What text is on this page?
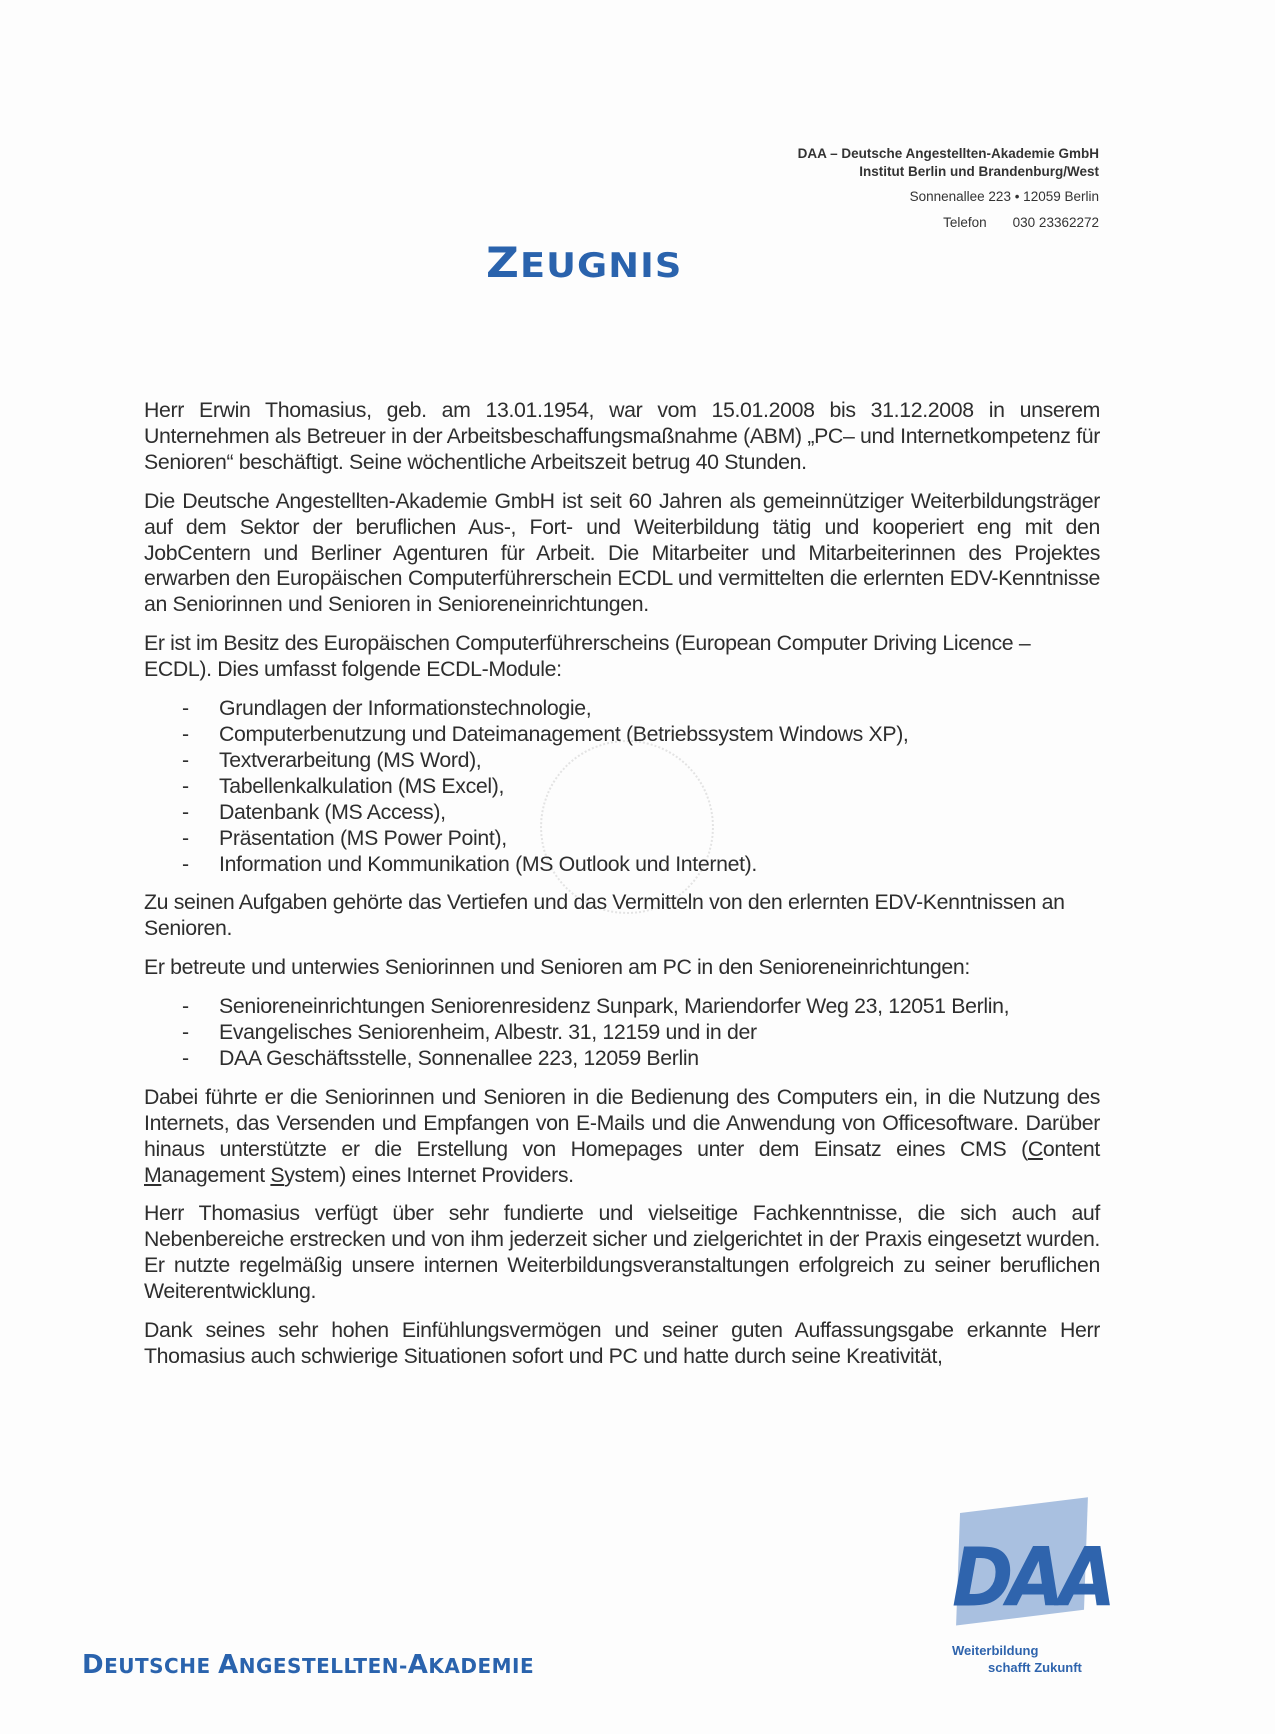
DAA – Deutsche Angestellten-Akademie GmbH
Institut Berlin und Brandenburg/West
Sonnenallee 223 • 12059 Berlin
Telefon 030 23362272
ZEUGNIS

Herr Erwin Thomasius, geb. am 13.01.1954, war vom 15.01.2008 bis 31.12.2008 in unserem Unternehmen als Betreuer in der Arbeitsbeschaffungsmaßnahme (ABM) „PC– und Internetkompetenz für Senioren“ beschäftigt. Seine wöchentliche Arbeitszeit betrug 40 Stunden.

Die Deutsche Angestellten-Akademie GmbH ist seit 60 Jahren als gemeinnütziger Weiterbildungsträger auf dem Sektor der beruflichen Aus-, Fort- und Weiterbildung tätig und kooperiert eng mit den JobCentern und Berliner Agenturen für Arbeit. Die Mitarbeiter und Mitarbeiterinnen des Projektes erwarben den Europäischen Computerführerschein ECDL und vermittelten die erlernten EDV-Kenntnisse an Seniorinnen und Senioren in Senioreneinrichtungen.

Er ist im Besitz des Europäischen Computerführerscheins (European Computer Driving Licence – ECDL). Dies umfasst folgende ECDL-Module:

- Grundlagen der Informationstechnologie,
- Computerbenutzung und Dateimanagement (Betriebssystem Windows XP),
- Textverarbeitung (MS Word),
- Tabellenkalkulation (MS Excel),
- Datenbank (MS Access),
- Präsentation (MS Power Point),
- Information und Kommunikation (MS Outlook und Internet).

Zu seinen Aufgaben gehörte das Vertiefen und das Vermitteln von den erlernten EDV-Kenntnissen an Senioren.

Er betreute und unterwies Seniorinnen und Senioren am PC in den Senioreneinrichtungen:

- Senioreneinrichtungen Seniorenresidenz Sunpark, Mariendorfer Weg 23, 12051 Berlin,
- Evangelisches Seniorenheim, Albestr. 31, 12159 und in der
- DAA Geschäftsstelle, Sonnenallee 223, 12059 Berlin

Dabei führte er die Seniorinnen und Senioren in die Bedienung des Computers ein, in die Nutzung des Internets, das Versenden und Empfangen von E-Mails und die Anwendung von Officesoftware. Darüber hinaus unterstützte er die Erstellung von Homepages unter dem Einsatz eines CMS (Content Management System) eines Internet Providers.

Herr Thomasius verfügt über sehr fundierte und vielseitige Fachkenntnisse, die sich auch auf Nebenbereiche erstrecken und von ihm jederzeit sicher und zielgerichtet in der Praxis eingesetzt wurden. Er nutzte regelmäßig unsere internen Weiterbildungsveranstaltungen erfolgreich zu seiner beruflichen Weiterentwicklung.

Dank seines sehr hohen Einfühlungsvermögen und seiner guten Auffassungsgabe erkannte Herr Thomasius auch schwierige Situationen sofort und PC und hatte durch seine Kreativität,

DEUTSCHE ANGESTELLTEN-AKADEMIE
DAA
Weiterbildung
schafft Zukunft
